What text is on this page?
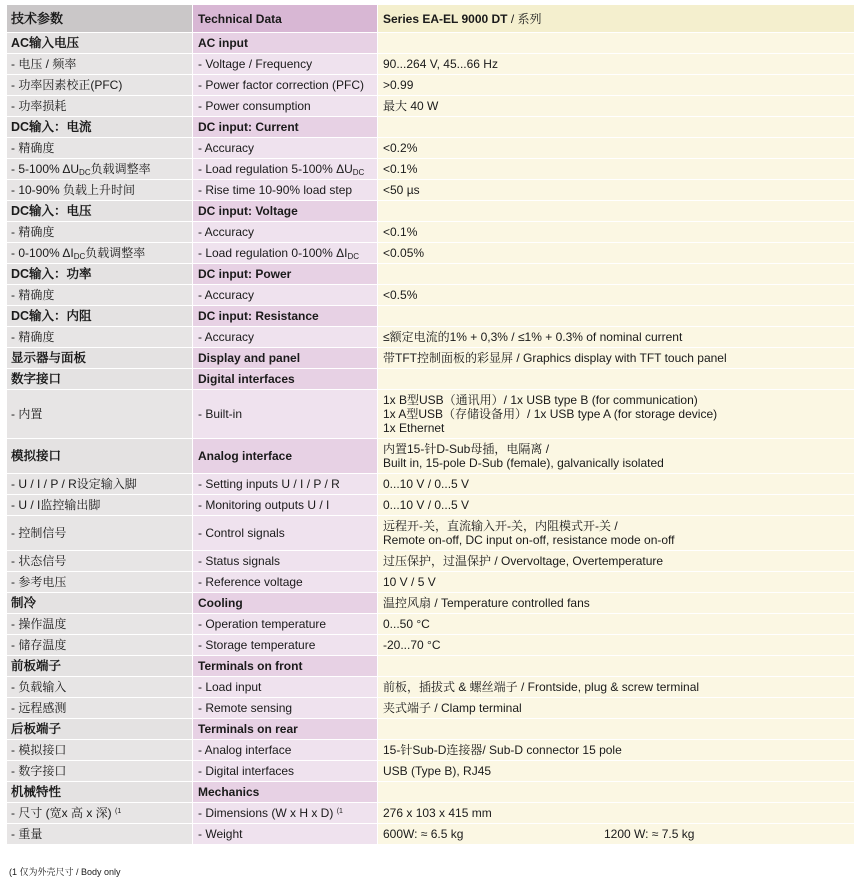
技术参数	Technical Data	Series EA-EL 9000 DT / 系列
AC输入电压	AC input
- 电压 / 频率	- Voltage / Frequency	90...264 V, 45...66 Hz
- 功率因素校正(PFC)	- Power factor correction (PFC)	>0.99
- 功率损耗	- Power consumption	最大 40 W
DC输入：电流	DC input: Current
- 精确度	- Accuracy	<0.2%
- 5-100% $\Delta U_{DC}$负载调整率	- Load regulation 5-100% $\Delta U_{DC}$	<0.1%
- 10-90% 负载上升时间	- Rise time 10-90% load step	<50 µs
DC输入：电压	DC input: Voltage
- 精确度	- Accuracy	<0.1%
- 0-100% $\Delta I_{DC}$负载调整率	- Load regulation 0-100% $\Delta I_{DC}$	<0.05%
DC输入：功率	DC input: Power
- 精确度	- Accuracy	<0.5%
DC输入：内阻	DC input: Resistance
- 精确度	- Accuracy	≤额定电流的1% + 0,3% / ≤1% + 0.3% of nominal current
显示器与面板	Display and panel	带TFT控制面板的彩显屏 / Graphics display with TFT touch panel
数字接口	Digital interfaces
- 内置	- Built-in
1x B型USB（通讯用）/ 1x USB type B (for communication)
1x A型USB（存储设备用）/ 1x USB type A (for storage device)
1x Ethernet
模拟接口	Analog interface	内置15-针D-Sub母插，电隔离 /
Built in, 15-pole D-Sub (female), galvanically isolated
- U / I / P / R设定输入脚	- Setting inputs U / I / P / R	0...10 V / 0...5 V
- U / I监控输出脚	- Monitoring outputs U / I	0...10 V / 0...5 V
- 控制信号	- Control signals	远程开-关，直流输入开-关，内阻模式开-关 /
Remote on-off, DC input on-off, resistance mode on-off
- 状态信号	- Status signals	过压保护，过温保护 / Overvoltage, Overtemperature
- 参考电压	- Reference voltage	10 V / 5 V
制冷	Cooling	温控风扇 / Temperature controlled fans
- 操作温度	- Operation temperature	0...50 °C
- 储存温度	- Storage temperature	-20...70 °C
前板端子	Terminals on front
- 负载输入	- Load input	前板，插拔式 & 螺丝端子 / Frontside, plug & screw terminal
- 远程感测	- Remote sensing	夹式端子 / Clamp terminal
后板端子	Terminals on rear
- 模拟接口	- Analog interface	15-针Sub-D连接器/ Sub-D connector 15 pole
- 数字接口	- Digital interfaces	USB (Type B), RJ45
机械特性	Mechanics
- 尺寸 (宽x 高 x 深) $^{(1}$	- Dimensions (W x H x D) $^{(1}$	276 x 103 x 415 mm
- 重量	- Weight	600W: ≈ 6.5 kg	1200 W: ≈ 7.5 kg
(1 仅为外壳尺寸 / Body only
